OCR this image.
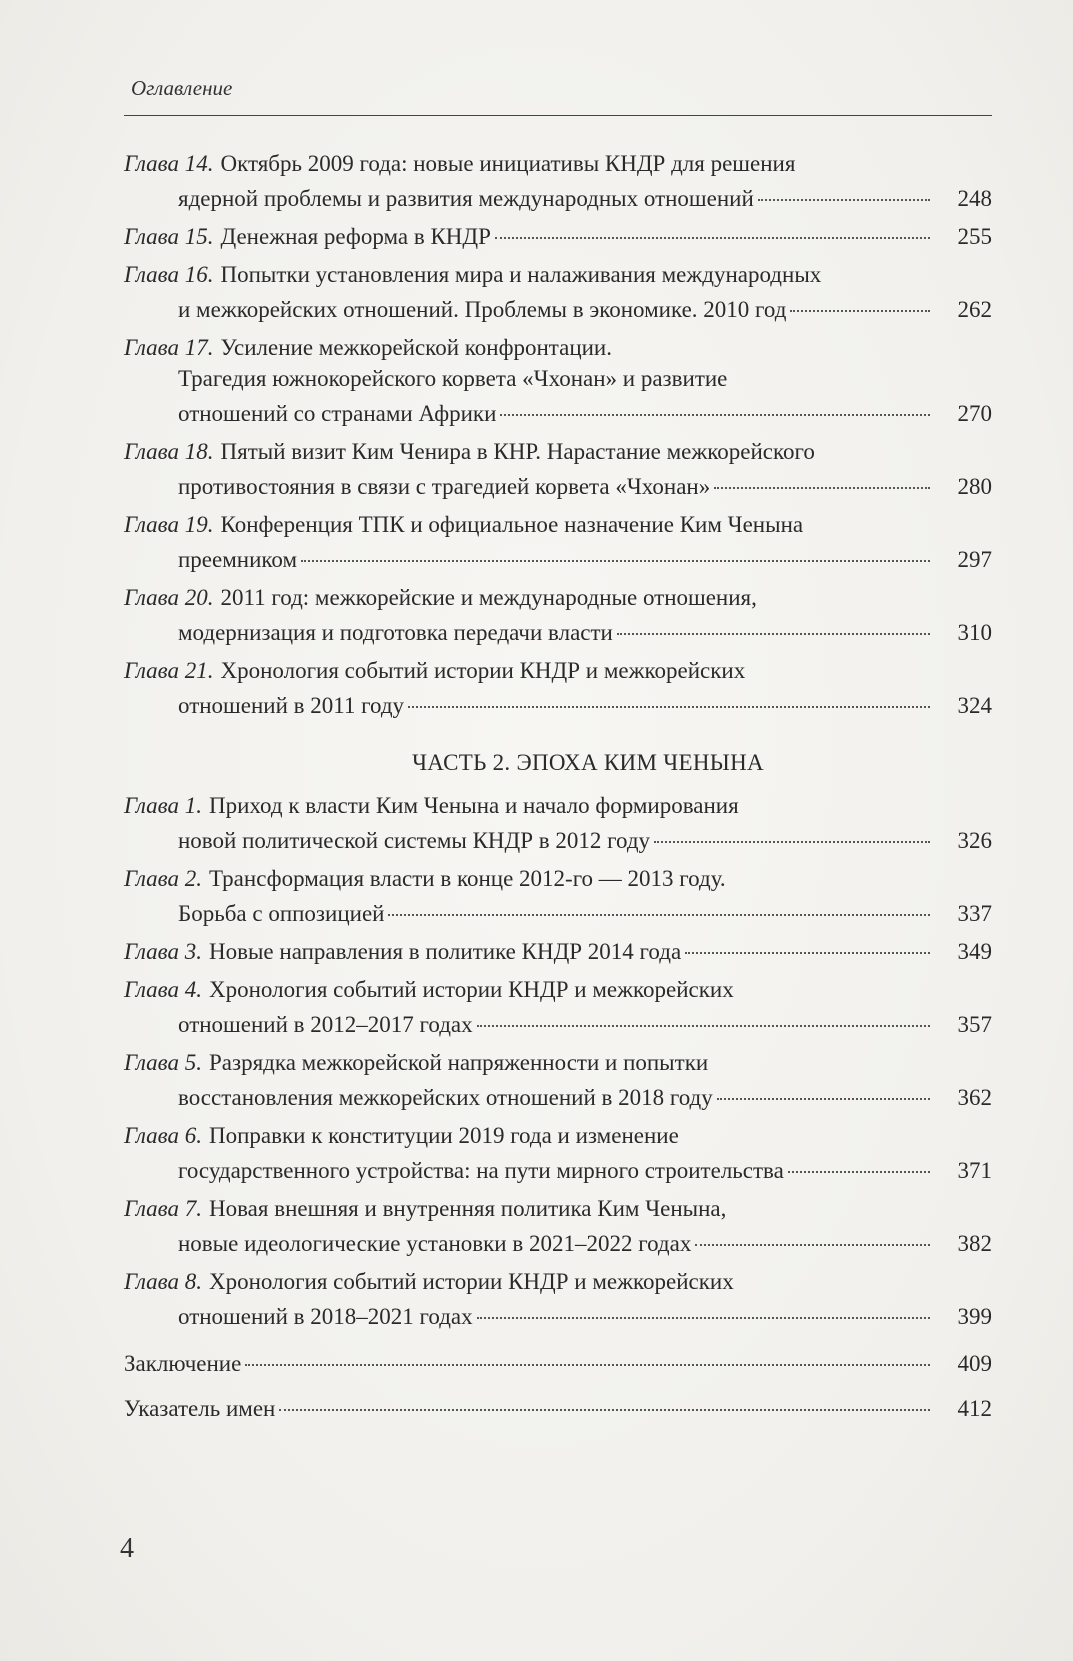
Оглавление
Глава 14. Октябрь 2009 года: новые инициативы КНДР для решения
ядерной проблемы и развития международных отношений	248
Глава 15. Денежная реформа в КНДР	255
Глава 16. Попытки установления мира и налаживания международных
и межкорейских отношений. Проблемы в экономике. 2010 год	262
Глава 17. Усиление межкорейской конфронтации.
Трагедия южнокорейского корвета «Чхонан» и развитие
отношений со странами Африки	270
Глава 18. Пятый визит Ким Ченира в КНР. Нарастание межкорейского
противостояния в связи с трагедией корвета «Чхонан»	280
Глава 19. Конференция ТПК и официальное назначение Ким Ченына
преемником	297
Глава 20. 2011 год: межкорейские и международные отношения,
модернизация и подготовка передачи власти	310
Глава 21. Хронология событий истории КНДР и межкорейских
отношений в 2011 году	324
ЧАСТЬ 2. ЭПОХА КИМ ЧЕНЫНА
Глава 1. Приход к власти Ким Ченына и начало формирования
новой политической системы КНДР в 2012 году	326
Глава 2. Трансформация власти в конце 2012-го — 2013 году.
Борьба с оппозицией	337
Глава 3. Новые направления в политике КНДР 2014 года	349
Глава 4. Хронология событий истории КНДР и межкорейских
отношений в 2012–2017 годах	357
Глава 5. Разрядка межкорейской напряженности и попытки
восстановления межкорейских отношений в 2018 году	362
Глава 6. Поправки к конституции 2019 года и изменение
государственного устройства: на пути мирного строительства	371
Глава 7. Новая внешняя и внутренняя политика Ким Ченына,
новые идеологические установки в 2021–2022 годах	382
Глава 8. Хронология событий истории КНДР и межкорейских
отношений в 2018–2021 годах	399
Заключение	409
Указатель имен	412
4
